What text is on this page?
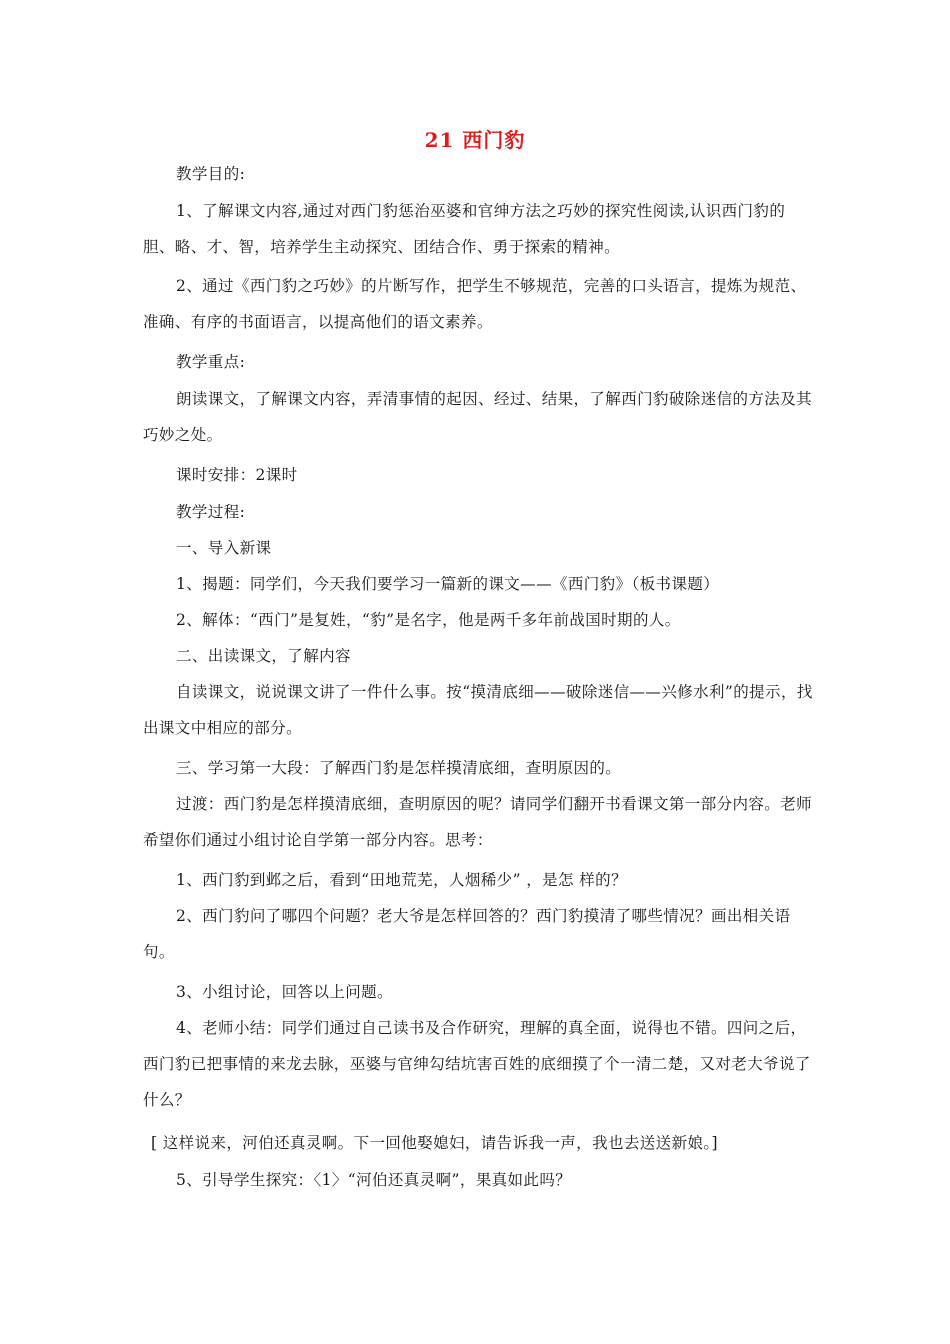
21 西门豹
教学目的:
1、了解课文内容,通过对西门豹惩治巫婆和官绅方法之巧妙的探究性阅读,认识西门豹的胆、略、才、智，培养学生主动探究、团结合作、勇于探索的精神。
2、通过《西门豹之巧妙》的片断写作，把学生不够规范，完善的口头语言，提炼为规范、准确、有序的书面语言，以提高他们的语文素养。
教学重点:
朗读课文，了解课文内容，弄清事情的起因、经过、结果，了解西门豹破除迷信的方法及其巧妙之处。
课时安排：2课时
教学过程:
一、导入新课
1、揭题：同学们，今天我们要学习一篇新的课文——《西门豹》（板书课题）
2、解体：“西门”是复姓，“豹”是名字，他是两千多年前战国时期的人。
二、出读课文，了解内容
自读课文，说说课文讲了一件什么事。按“摸清底细——破除迷信——兴修水利”的提示，找出课文中相应的部分。
三、学习第一大段：了解西门豹是怎样摸清底细，查明原因的。
过渡：西门豹是怎样摸清底细，查明原因的呢？请同学们翻开书看课文第一部分内容。老师希望你们通过小组讨论自学第一部分内容。思考：
1、西门豹到邺之后，看到“田地荒芜，人烟稀少” ，是怎 样的？
2、西门豹问了哪四个问题？老大爷是怎样回答的？西门豹摸清了哪些情况？画出相关语句。
3、小组讨论，回答以上问题。
4、老师小结：同学们通过自己读书及合作研究，理解的真全面，说得也不错。四问之后，西门豹已把事情的来龙去脉，巫婆与官绅勾结坑害百姓的底细摸了个一清二楚，又对老大爷说了什么？
[ 这样说来，河伯还真灵啊。下一回他娶媳妇，请告诉我一声，我也去送送新娘。]
5、引导学生探究：〈1〉“河伯还真灵啊”，果真如此吗？
